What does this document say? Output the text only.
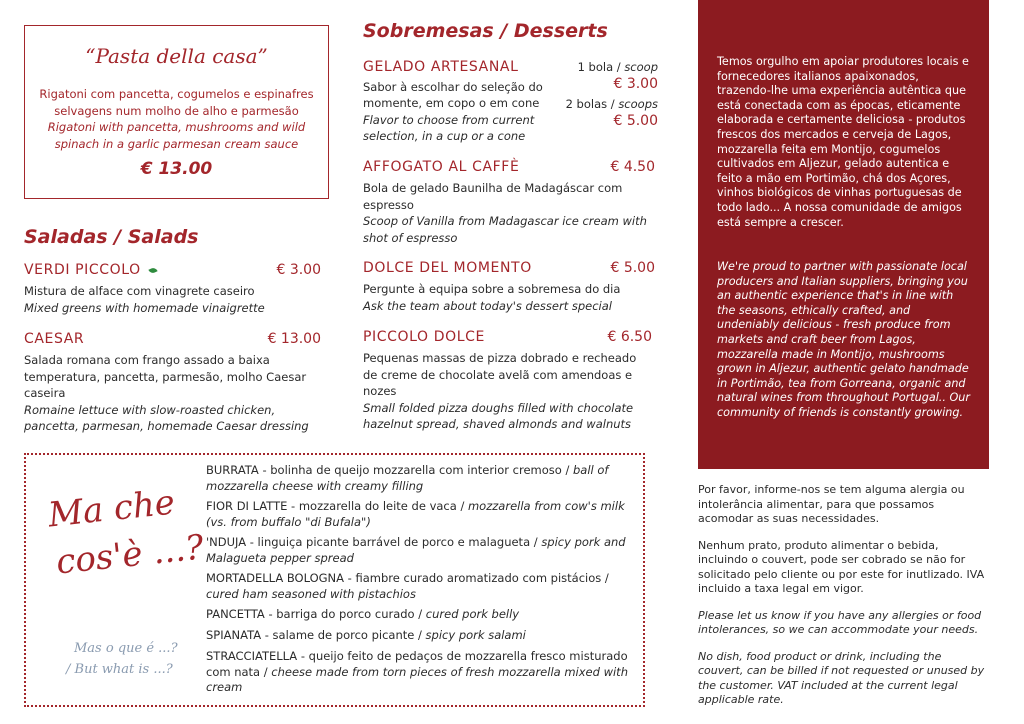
“Pasta della casa”
Rigatoni com pancetta, cogumelos e espinafres selvagens num molho de alho e parmesão
Rigatoni with pancetta, mushrooms and wild spinach in a garlic parmesan cream sauce
€ 13.00
Saladas / Salads
VERDI PICCOLO	€ 3.00
Mistura de alface com vinagrete caseiro
Mixed greens with homemade vinaigrette
CAESAR	€ 13.00
Salada romana com frango assado a baixa temperatura, pancetta, parmesão, molho Caesar caseira
Romaine lettuce with slow-roasted chicken, pancetta, parmesan, homemade Caesar dressing
Sobremesas / Desserts
GELADO ARTESANAL
Sabor à escolhar do seleção do momente, em copo o em cone
Flavor to choose from current selection, in a cup or a cone
1 bola / scoop
€ 3.00
2 bolas / scoops
€ 5.00
AFFOGATO AL CAFFÈ	€ 4.50
Bola de gelado Baunilha de Madagáscar com espresso
Scoop of Vanilla from Madagascar ice cream with shot of espresso
DOLCE DEL MOMENTO	€ 5.00
Pergunte à equipa sobre a sobremesa do dia
Ask the team about today's dessert special
PICCOLO DOLCE	€ 6.50
Pequenas massas de pizza dobrado e recheado de creme de chocolate avelã com amendoas e nozes
Small folded pizza doughs filled with chocolate hazelnut spread, shaved almonds and walnuts
Temos orgulho em apoiar produtores locais e fornecedores italianos apaixonados, trazendo-lhe uma experiência autêntica que está conectada com as épocas, eticamente elaborada e certamente deliciosa - produtos frescos dos mercados e cerveja de Lagos, mozzarella feita em Montijo, cogumelos cultivados em Aljezur, gelado autentica e feito a mão em Portimão, chá dos Açores, vinhos biológicos de vinhas portuguesas de todo lado... A nossa comunidade de amigos está sempre a crescer.
We're proud to partner with passionate local producers and Italian suppliers, bringing you an authentic experience that's in line with the seasons, ethically crafted, and undeniably delicious - fresh produce from markets and craft beer from Lagos, mozzarella made in Montijo, mushrooms grown in Aljezur, authentic gelato handmade in Portimão, tea from Gorreana, organic and natural wines from throughout Portugal.. Our community of friends is constantly growing.
Por favor, informe-nos se tem alguma alergia ou intolerância alimentar, para que possamos acomodar as suas necessidades.
Nenhum prato, produto alimentar o bebida, incluindo o couvert, pode ser cobrado se não for solicitado pelo cliente ou por este for inutlizado. IVA incluido a taxa legal em vigor.
Please let us know if you have any allergies or food intolerances, so we can accommodate your needs.
No dish, food product or drink, including the couvert, can be billed if not requested or unused by the customer. VAT included at the current legal applicable rate.
Ma che
cos'è ...?
Mas o que é ...?
/ But what is ...?
BURRATA - bolinha de queijo mozzarella com interior cremoso / ball of mozzarella cheese with creamy filling
FIOR DI LATTE - mozzarella do leite de vaca / mozzarella from cow's milk (vs. from buffalo "di Bufala")
'NDUJA - linguiça picante barrável de porco e malagueta / spicy pork and Malagueta pepper spread
MORTADELLA BOLOGNA - fiambre curado aromatizado com pistácios / cured ham seasoned with pistachios
PANCETTA - barriga do porco curado / cured pork belly
SPIANATA - salame de porco picante / spicy pork salami
STRACCIATELLA - queijo feito de pedaços de mozzarella fresco misturado com nata / cheese made from torn pieces of fresh mozzarella mixed with cream
